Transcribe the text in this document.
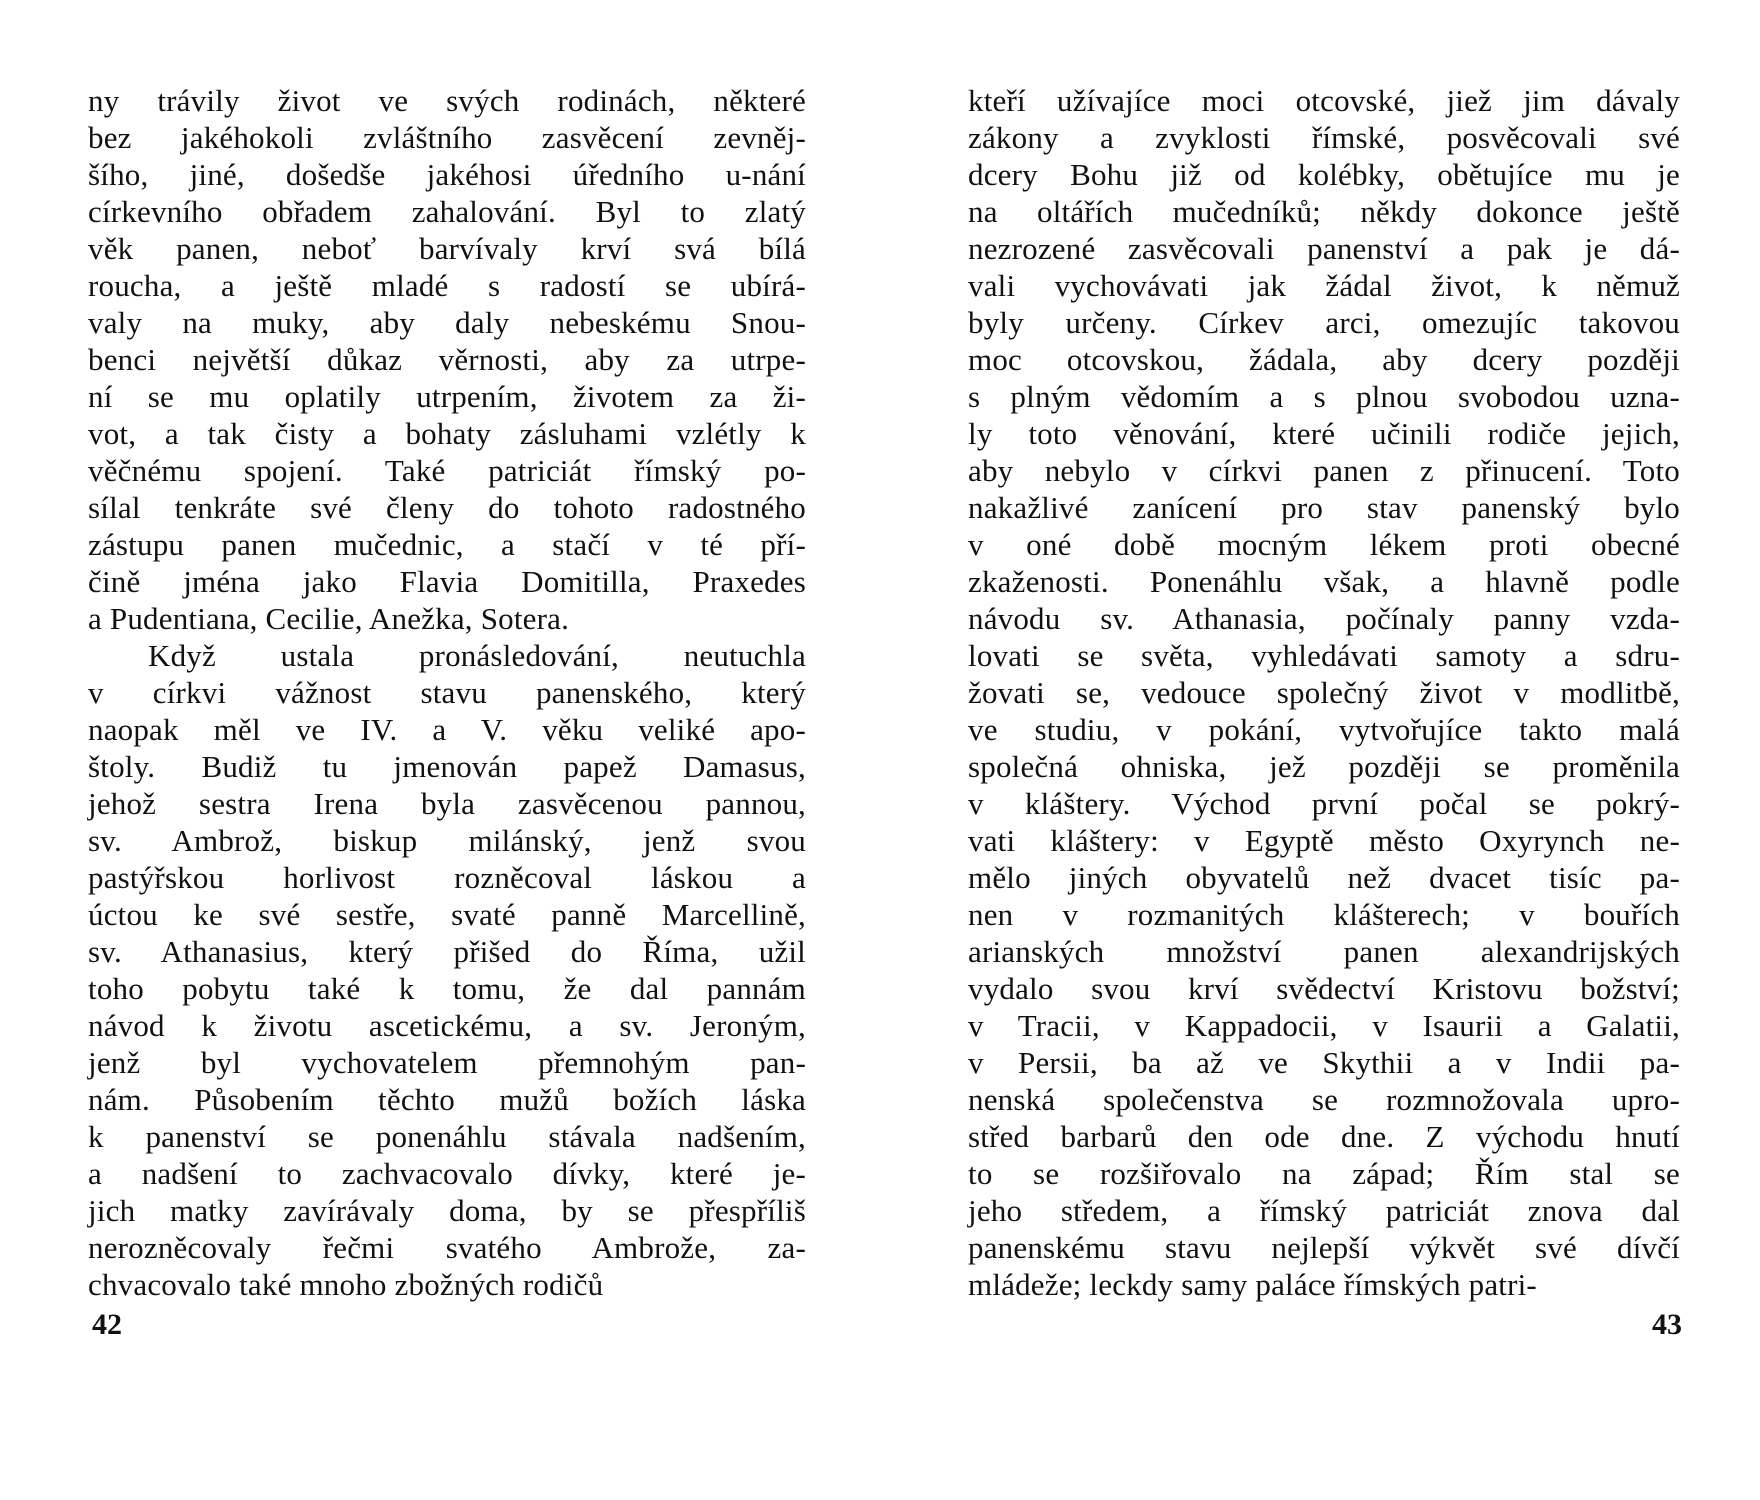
ny trávily život ve svých rodinách, některé
bez jakéhokoli zvláštního zasvěcení zevněj-
šího, jiné, došedše jakéhosi úředního u-nání
církevního obřadem zahalování. Byl to zlatý
věk panen, neboť barvívaly krví svá bílá
roucha, a ještě mladé s radostí se ubírá-
valy na muky, aby daly nebeskému Snou-
benci největší důkaz věrnosti, aby za utrpe-
ní se mu oplatily utrpením, životem za ži-
vot, a tak čisty a bohaty zásluhami vzlétly k
věčnému spojení. Také patriciát římský po-
sílal tenkráte své členy do tohoto radostného
zástupu panen mučednic, a stačí v té pří-
čině jména jako Flavia Domitilla, Praxedes
a Pudentiana, Cecilie, Anežka, Sotera.
Když ustala pronásledování, neutuchla
v církvi vážnost stavu panenského, který
naopak měl ve IV. a V. věku veliké apo-
štoly. Budiž tu jmenován papež Damasus,
jehož sestra Irena byla zasvěcenou pannou,
sv. Ambrož, biskup milánský, jenž svou
pastýřskou horlivost rozněcoval láskou a
úctou ke své sestře, svaté panně Marcellině,
sv. Athanasius, který přišed do Říma, užil
toho pobytu také k tomu, že dal pannám
návod k životu ascetickému, a sv. Jeroným,
jenž byl vychovatelem přemnohým pan-
nám. Působením těchto mužů božích láska
k panenství se ponenáhlu stávala nadšením,
a nadšení to zachvacovalo dívky, které je-
jich matky zavírávaly doma, by se přespříliš
nerozněcovaly řečmi svatého Ambrože, za-
chvacovalo také mnoho zbožných rodičů
42
kteří užívajíce moci otcovské, jiež jim dávaly
zákony a zvyklosti římské, posvěcovali své
dcery Bohu již od kolébky, obětujíce mu je
na oltářích mučedníků; někdy dokonce ještě
nezrozené zasvěcovali panenství a pak je dá-
vali vychovávati jak žádal život, k němuž
byly určeny. Církev arci, omezujíc takovou
moc otcovskou, žádala, aby dcery později
s plným vědomím a s plnou svobodou uzna-
ly toto věnování, které učinili rodiče jejich,
aby nebylo v církvi panen z přinucení. Toto
nakažlivé zanícení pro stav panenský bylo
v oné době mocným lékem proti obecné
zkaženosti. Ponenáhlu však, a hlavně podle
návodu sv. Athanasia, počínaly panny vzda-
lovati se světa, vyhledávati samoty a sdru-
žovati se, vedouce společný život v modlitbě,
ve studiu, v pokání, vytvořujíce takto malá
společná ohniska, jež později se proměnila
v kláštery. Východ první počal se pokrý-
vati kláštery: v Egyptě město Oxyrynch ne-
mělo jiných obyvatelů než dvacet tisíc pa-
nen v rozmanitých klášterech; v bouřích
arianských množství panen alexandrijských
vydalo svou krví svědectví Kristovu božství;
v Tracii, v Kappadocii, v Isaurii a Galatii,
v Persii, ba až ve Skythii a v Indii pa-
nenská společenstva se rozmnožovala upro-
střed barbarů den ode dne. Z východu hnutí
to se rozšiřovalo na západ; Řím stal se
jeho středem, a římský patriciát znova dal
panenskému stavu nejlepší výkvět své dívčí
mládeže; leckdy samy paláce římských patri-
43
